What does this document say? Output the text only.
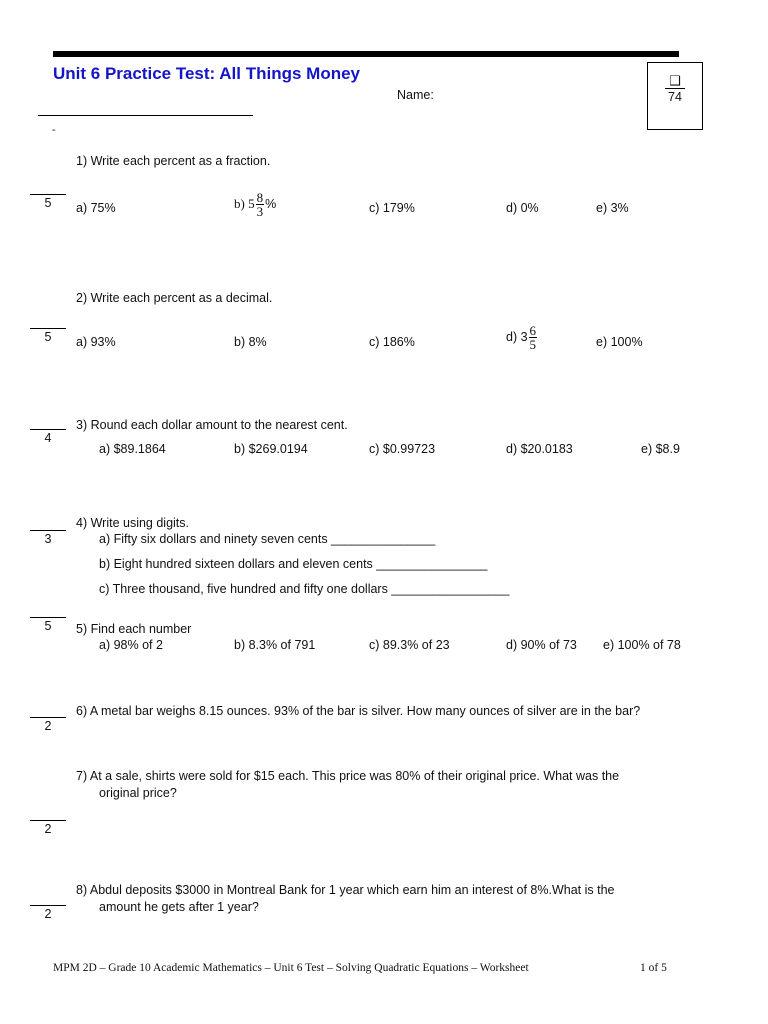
Unit 6 Practice Test: All Things Money
Name:
-
❑
74
5
5
4
3
5
2
2
2
1) Write each percent as a fraction.
a) 75%	b) $5 \frac{8}{3}$ %	c) 179%	d) 0%	e) 3%
2) Write each percent as a decimal.
a) 93%	b) 8%	c) 186%	d) $3 \frac{6}{5}$	e) 100%
3) Round each dollar amount to the nearest cent.
a) $89.1864	b) $269.0194	c) $0.99723	d) $20.0183	e) $8.9
4) Write using digits.
a) Fifty six dollars and ninety seven cents _______________
b) Eight hundred sixteen dollars and eleven cents ________________
c) Three thousand, five hundred and fifty one dollars _________________
5) Find each number
a) 98% of 2	b) 8.3% of 791	c) 89.3% of 23	d) 90% of 73 e) 100% of 78
6) A metal bar weighs 8.15 ounces. 93% of the bar is silver. How many ounces of silver are in the bar?
7) At a sale, shirts were sold for $15 each. This price was 80% of their original price. What was the
original price?
8) Abdul deposits $3000 in Montreal Bank for 1 year which earn him an interest of 8%.What is the
amount he gets after 1 year?
MPM 2D – Grade 10 Academic Mathematics – Unit 6 Test – Solving Quadratic Equations – Worksheet	1 of 5
